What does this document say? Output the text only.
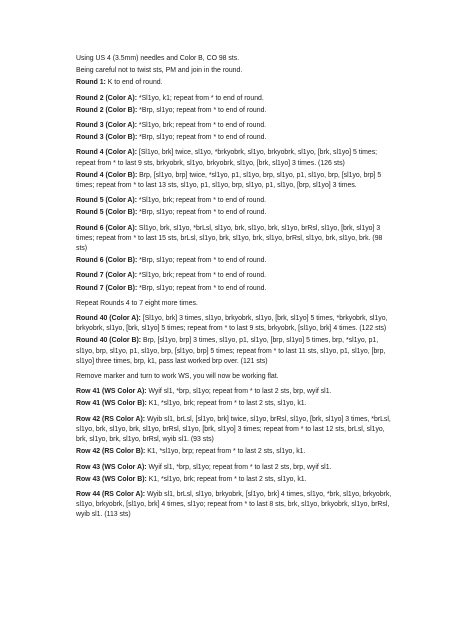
Using US 4 (3.5mm) needles and Color B, CO 98 sts.

Being careful not to twist sts, PM and join in the round.

Round 1: K to end of round.

Round 2 (Color A): *Sl1yo, k1; repeat from * to end of round.

Round 2 (Color B): *Brp, sl1yo; repeat from * to end of round.

Round 3 (Color A): *Sl1yo, brk; repeat from * to end of round.

Round 3 (Color B): *Brp, sl1yo; repeat from * to end of round.

Round 4 (Color A): [Sl1yo, brk] twice, sl1yo, *brkyobrk, sl1yo, brkyobrk, sl1yo, [brk, sl1yo] 5 times; repeat from * to last 9 sts, brkyobrk, sl1yo, brkyobrk, sl1yo, [brk, sl1yo] 3 times. (126 sts)

Round 4 (Color B): Brp, [sl1yo, brp] twice, *sl1yo, p1, sl1yo, brp, sl1yo, p1, sl1yo, brp, [sl1yo, brp] 5 times; repeat from * to last 13 sts, sl1yo, p1, sl1yo, brp, sl1yo, p1, sl1yo, [brp, sl1yo] 3 times.

Round 5 (Color A): *Sl1yo, brk; repeat from * to end of round.

Round 5 (Color B): *Brp, sl1yo; repeat from * to end of round.

Round 6 (Color A): Sl1yo, brk, sl1yo, *brLsl, sl1yo, brk, sl1yo, brk, sl1yo, brRsl, sl1yo, [brk, sl1yo] 3 times; repeat from * to last 15 sts, brLsl, sl1yo, brk, sl1yo, brk, sl1yo, brRsl, sl1yo, brk, sl1yo, brk. (98 sts)

Round 6 (Color B): *Brp, sl1yo; repeat from * to end of round.

Round 7 (Color A): *Sl1yo, brk; repeat from * to end of round.

Round 7 (Color B): *Brp, sl1yo; repeat from * to end of round.

Repeat Rounds 4 to 7 eight more times.

Round 40 (Color A): [Sl1yo, brk] 3 times, sl1yo, brkyobrk, sl1yo, [brk, sl1yo] 5 times, *brkyobrk, sl1yo, brkyobrk, sl1yo, [brk, sl1yo] 5 times; repeat from * to last 9 sts, brkyobrk, [sl1yo, brk] 4 times. (122 sts)

Round 40 (Color B): Brp, [sl1yo, brp] 3 times, sl1yo, p1, sl1yo, [brp, sl1yo] 5 times, brp, *sl1yo, p1, sl1yo, brp, sl1yo, p1, sl1yo, brp, [sl1yo, brp] 5 times; repeat from * to last 11 sts, sl1yo, p1, sl1yo, [brp, sl1yo] three times, brp, k1, pass last worked brp over. (121 sts)

Remove marker and turn to work WS, you will now be working flat.

Row 41 (WS Color A): Wyif sl1, *brp, sl1yo; repeat from * to last 2 sts, brp, wyif sl1.

Row 41 (WS Color B): K1, *sl1yo, brk; repeat from * to last 2 sts, sl1yo, k1.

Row 42 (RS Color A): Wyib sl1, brLsl, [sl1yo, brk] twice, sl1yo, brRsl, sl1yo, [brk, sl1yo] 3 times, *brLsl, sl1yo, brk, sl1yo, brk, sl1yo, brRsl, sl1yo, [brk, sl1yo] 3 times; repeat from * to last 12 sts, brLsl, sl1yo, brk, sl1yo, brk, sl1yo, brRsl, wyib sl1. (93 sts)

Row 42 (RS Color B): K1, *sl1yo, brp; repeat from * to last 2 sts, sl1yo, k1.

Row 43 (WS Color A): Wyif sl1, *brp, sl1yo; repeat from * to last 2 sts, brp, wyif sl1.

Row 43 (WS Color B): K1, *sl1yo, brk; repeat from * to last 2 sts, sl1yo, k1.

Row 44 (RS Color A): Wyib sl1, brLsl, sl1yo, brkyobrk, [sl1yo, brk] 4 times, sl1yo, *brk, sl1yo, brkyobrk, sl1yo, brkyobrk, [sl1yo, brk] 4 times, sl1yo; repeat from * to last 8 sts, brk, sl1yo, brkyobrk, sl1yo, brRsl, wyib sl1. (113 sts)
